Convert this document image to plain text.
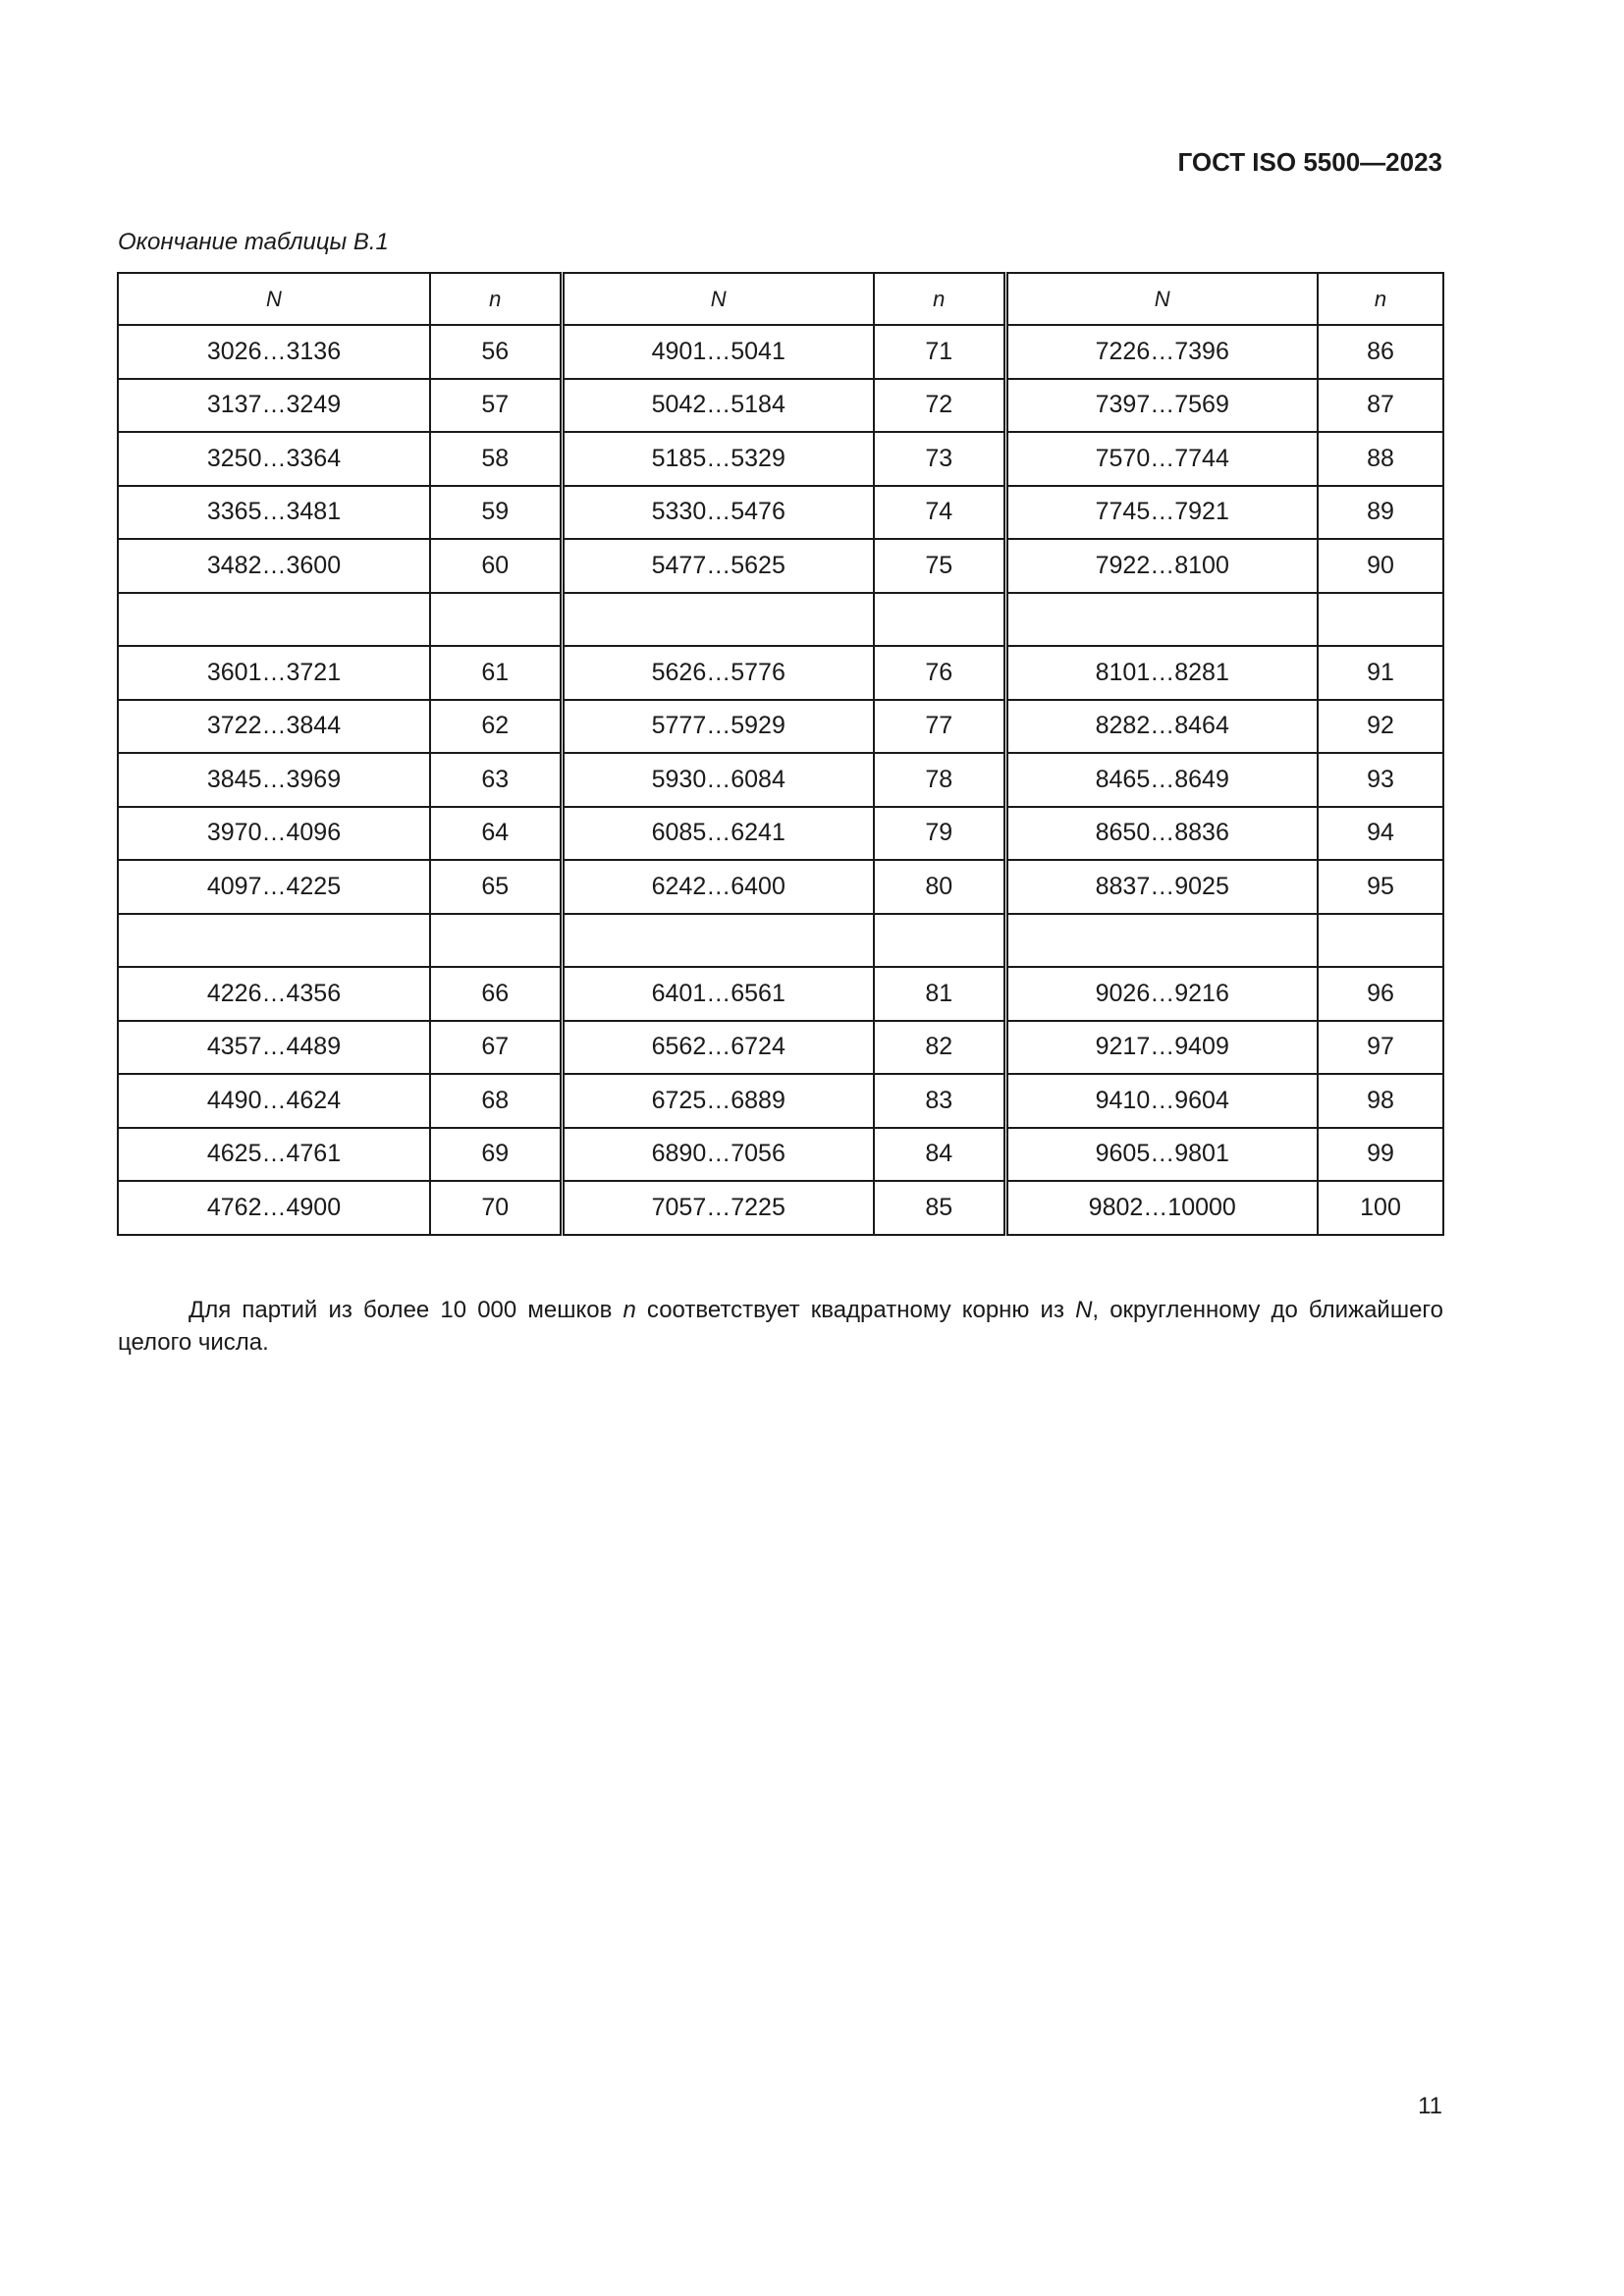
ГОСТ ISO 5500—2023
Окончание таблицы В.1
N	n	N	n	N	n
3026…3136	56	4901…5041	71	7226…7396	86
3137…3249	57	5042…5184	72	7397…7569	87
3250…3364	58	5185…5329	73	7570…7744	88
3365…3481	59	5330…5476	74	7745…7921	89
3482…3600	60	5477…5625	75	7922…8100	90

3601…3721	61	5626…5776	76	8101…8281	91
3722…3844	62	5777…5929	77	8282…8464	92
3845…3969	63	5930…6084	78	8465…8649	93
3970…4096	64	6085…6241	79	8650…8836	94
4097…4225	65	6242…6400	80	8837…9025	95

4226…4356	66	6401…6561	81	9026…9216	96
4357…4489	67	6562…6724	82	9217…9409	97
4490…4624	68	6725…6889	83	9410…9604	98
4625…4761	69	6890…7056	84	9605…9801	99
4762…4900	70	7057…7225	85	9802…10000	100
Для партий из более 10 000 мешков n соответствует квадратному корню из N, округленному до ближайшего целого числа.
11
